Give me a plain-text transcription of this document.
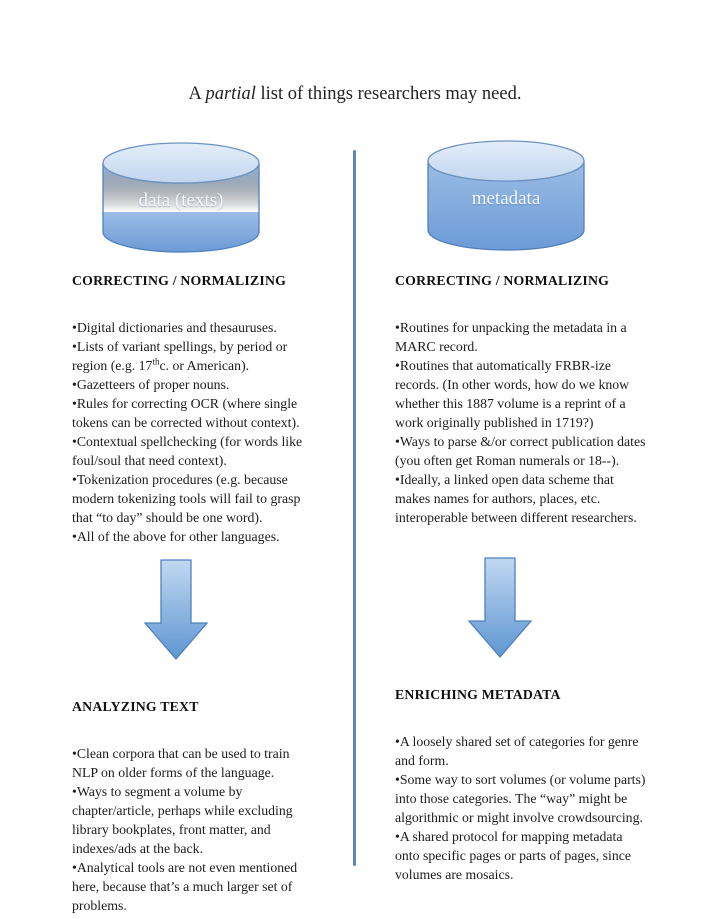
A partial list of things researchers may need.
data (texts)	metadata
CORRECTING / NORMALIZING
• Digital dictionaries and thesauruses.
• Lists of variant spellings, by period or region (e.g. 17thc. or American).
• Gazetteers of proper nouns.
• Rules for correcting OCR (where single tokens can be corrected without context).
• Contextual spellchecking (for words like foul/soul that need context).
• Tokenization procedures (e.g. because modern tokenizing tools will fail to grasp that “to day” should be one word).
• All of the above for other languages.
CORRECTING / NORMALIZING
• Routines for unpacking the metadata in a MARC record.
• Routines that automatically FRBR-ize records. (In other words, how do we know whether this 1887 volume is a reprint of a work originally published in 1719?)
• Ways to parse &/or correct publication dates (you often get Roman numerals or 18--).
• Ideally, a linked open data scheme that makes names for authors, places, etc. interoperable between different researchers.
ANALYZING TEXT
• Clean corpora that can be used to train NLP on older forms of the language.
• Ways to segment a volume by chapter/article, perhaps while excluding library bookplates, front matter, and indexes/ads at the back.
• Analytical tools are not even mentioned here, because that’s a much larger set of problems.
ENRICHING METADATA
• A loosely shared set of categories for genre and form.
• Some way to sort volumes (or volume parts) into those categories. The “way” might be algorithmic or might involve crowdsourcing.
• A shared protocol for mapping metadata onto specific pages or parts of pages, since volumes are mosaics.
